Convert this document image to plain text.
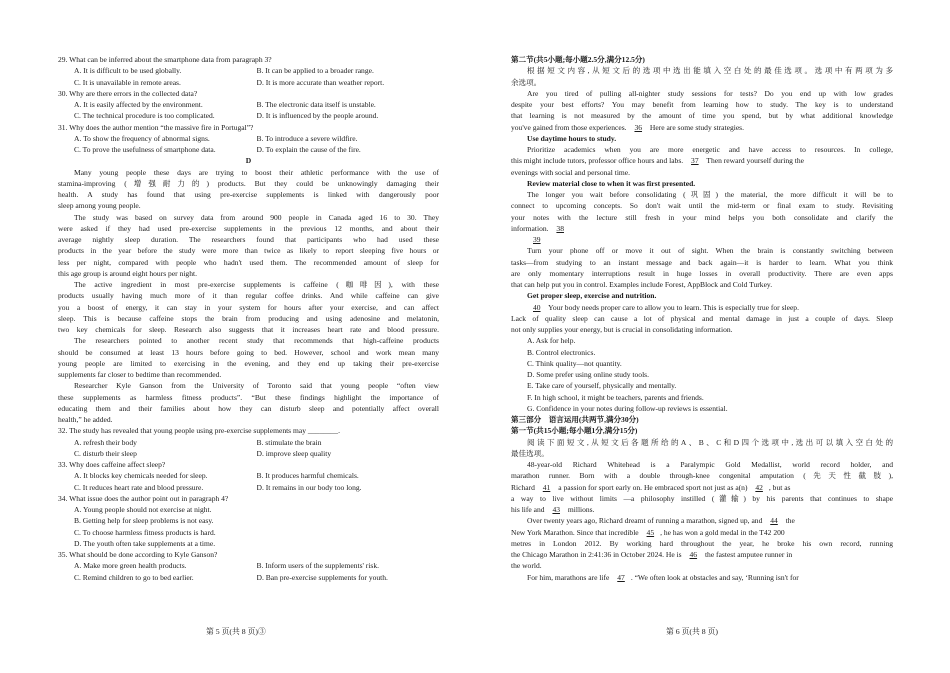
29. What can be inferred about the smartphone data from paragraph 3?
A. It is difficult to be used globally.	B. It can be applied to a broader range.
C. It is unavailable in remote areas.	D. It is more accurate than weather report.
30. Why are there errors in the collected data?
A. It is easily affected by the environment.	B. The electronic data itself is unstable.
C. The technical procedure is too complicated.	D. It is influenced by the people around.
31. Why does the author mention “the massive fire in Portugal”?
A. To show the frequency of abnormal signs.	B. To introduce a severe wildfire.
C. To prove the usefulness of smartphone data.	D. To explain the cause of the fire.
D
Many young people these days are trying to boost their athletic performance with the use of
stamina-improving (增强耐力的) products. But they could be unknowingly damaging their
health. A study has found that using pre-exercise supplements is linked with dangerously poor
sleep among young people.
The study was based on survey data from around 900 people in Canada aged 16 to 30. They
were asked if they had used pre-exercise supplements in the previous 12 months, and about their
average nightly sleep duration. The researchers found that participants who had used these
products in the year before the study were more than twice as likely to report sleeping five hours or
less per night, compared with people who hadn't used them. The recommended amount of sleep for
this age group is around eight hours per night.
The active ingredient in most pre-exercise supplements is caffeine (咖啡因), with these
products usually having much more of it than regular coffee drinks. And while caffeine can give
you a boost of energy, it can stay in your system for hours after your exercise, and can affect
sleep. This is because caffeine stops the brain from producing and using adenosine and melatonin,
two key chemicals for sleep. Research also suggests that it increases heart rate and blood pressure.
The researchers pointed to another recent study that recommends that high-caffeine products
should be consumed at least 13 hours before going to bed. However, school and work mean many
young people are limited to exercising in the evening, and they end up taking their pre-exercise
supplements far closer to bedtime than recommended.
Researcher Kyle Ganson from the University of Toronto said that young people “often view
these supplements as harmless fitness products”. “But these findings highlight the importance of
educating them and their families about how they can disturb sleep and potentially affect overall
health,” he added.
32. The study has revealed that young people using pre-exercise supplements may ________.
A. refresh their body	B. stimulate the brain
C. disturb their sleep	D. improve sleep quality
33. Why does caffeine affect sleep?
A. It blocks key chemicals needed for sleep.	B. It produces harmful chemicals.
C. It reduces heart rate and blood pressure.	D. It remains in our body too long.
34. What issue does the author point out in paragraph 4?
A. Young people should not exercise at night.
B. Getting help for sleep problems is not easy.
C. To choose harmless fitness products is hard.
D. The youth often take supplements at a time.
35. What should be done according to Kyle Ganson?
A. Make more green health products.	B. Inform users of the supplements' risk.
C. Remind children to go to bed earlier.	D. Ban pre-exercise supplements for youth.
第二节(共5小题;每小题2.5分,满分12.5分)
根据短文内容,从短文后的选项中选出能填入空白处的最佳选项。选项中有两项为多
余选项。
Are you tired of pulling all-nighter study sessions for tests? Do you end up with low grades
despite your best efforts? You may benefit from learning how to study. The key is to understand
that learning is not measured by the amount of time you spend, but by what additional knowledge
you've gained from those experiences. 36 Here are some study strategies.
Use daytime hours to study.
Prioritize academics when you are more energetic and have access to resources. In college,
this might include tutors, professor office hours and labs. 37 Then reward yourself during the
evenings with social and personal time.
Review material close to when it was first presented.
The longer you wait before consolidating (巩固) the material, the more difficult it will be to
connect to upcoming concepts. So don't wait until the mid-term or final exam to study. Revisiting
your notes with the lecture still fresh in your mind helps you both consolidate and clarify the
information. 38
39
Turn your phone off or move it out of sight. When the brain is constantly switching between
tasks—from studying to an instant message and back again—it is harder to learn. What you think
are only momentary interruptions result in huge losses in overall productivity. There are even apps
that can help put you in control. Examples include Forest, AppBlock and Cold Turkey.
Get proper sleep, exercise and nutrition.
40 Your body needs proper care to allow you to learn. This is especially true for sleep.
Lack of quality sleep can cause a lot of physical and mental damage in just a couple of days. Sleep
not only supplies your energy, but is crucial in consolidating information.
A. Ask for help.
B. Control electronics.
C. Think quality—not quantity.
D. Some prefer using online study tools.
E. Take care of yourself, physically and mentally.
F. In high school, it might be teachers, parents and friends.
G. Confidence in your notes during follow-up reviews is essential.
第三部分　语言运用(共两节,满分30分)
第一节(共15小题;每小题1分,满分15分)
阅读下面短文,从短文后各题所给的A、B、C和D四个选项中,选出可以填入空白处的
最佳选项。
48-year-old Richard Whitehead is a Paralympic Gold Medallist, world record holder, and
marathon runner. Born with a double through-knee congenital amputation (先天性截肢),
Richard 41 a passion for sport early on. He embraced sport not just as a(n) 42 , but as
a way to live without limits —a philosophy instilled (灌输) by his parents that continues to shape
his life and 43 millions.
Over twenty years ago, Richard dreamt of running a marathon, signed up, and 44 the
New York Marathon. Since that incredible 45 , he has won a gold medal in the T42 200
metres in London 2012. By working hard throughout the year, he broke his own record, running
the Chicago Marathon in 2:41:36 in October 2024. He is 46 the fastest amputee runner in
the world.
For him, marathons are life 47 . “We often look at obstacles and say, ‘Running isn't for
第 5 页(共 8 页)③	第 6 页(共 8 页)
